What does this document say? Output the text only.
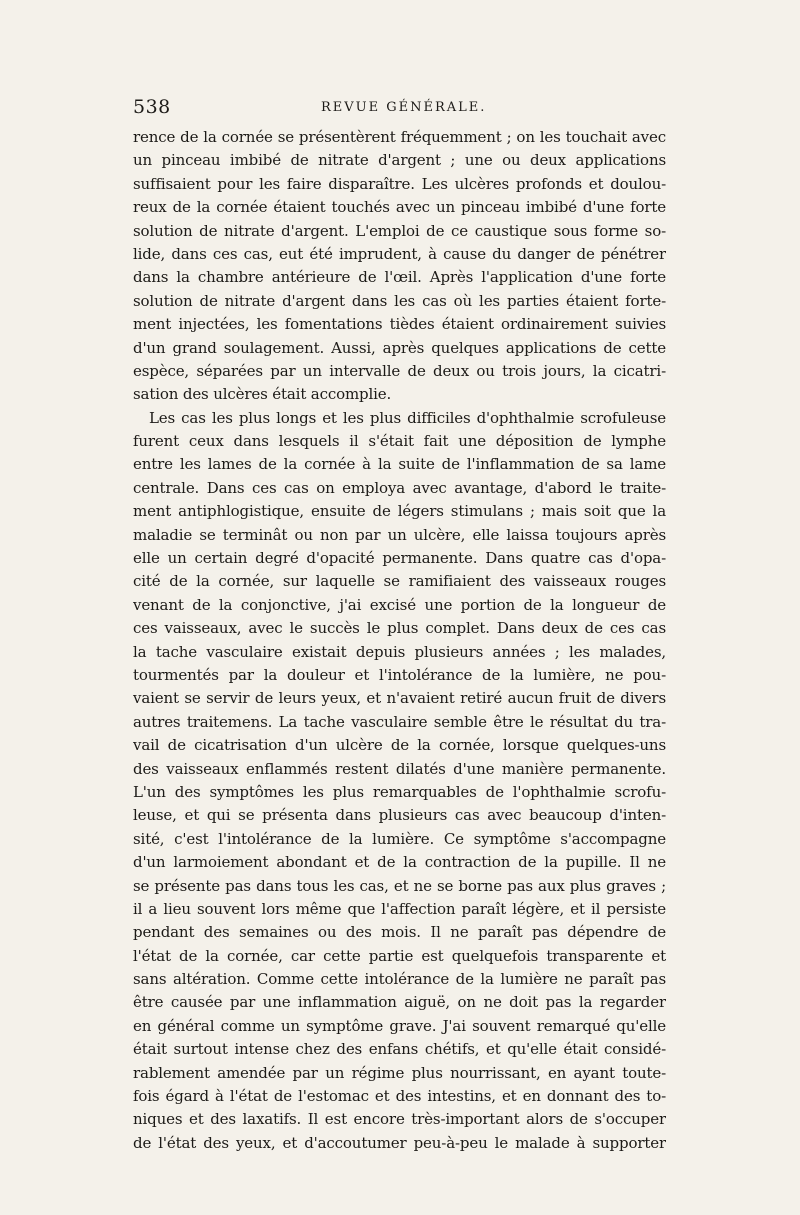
538	REVUE GÉNÉRALE.
rence de la cornée se présentèrent fréquemment ; on les touchait avec
un pinceau imbibé de nitrate d'argent ; une ou deux applications
suffisaient pour les faire disparaître. Les ulcères profonds et doulou-
reux de la cornée étaient touchés avec un pinceau imbibé d'une forte
solution de nitrate d'argent. L'emploi de ce caustique sous forme so-
lide, dans ces cas, eut été imprudent, à cause du danger de pénétrer
dans la chambre antérieure de l'œil. Après l'application d'une forte
solution de nitrate d'argent dans les cas où les parties étaient forte-
ment injectées, les fomentations tièdes étaient ordinairement suivies
d'un grand soulagement. Aussi, après quelques applications de cette
espèce, séparées par un intervalle de deux ou trois jours, la cicatri-
sation des ulcères était accomplie.
Les cas les plus longs et les plus difficiles d'ophthalmie scrofuleuse
furent ceux dans lesquels il s'était fait une déposition de lymphe
entre les lames de la cornée à la suite de l'inflammation de sa lame
centrale. Dans ces cas on employa avec avantage, d'abord le traite-
ment antiphlogistique, ensuite de légers stimulans ; mais soit que la
maladie se terminât ou non par un ulcère, elle laissa toujours après
elle un certain degré d'opacité permanente. Dans quatre cas d'opa-
cité de la cornée, sur laquelle se ramifiaient des vaisseaux rouges
venant de la conjonctive, j'ai excisé une portion de la longueur de
ces vaisseaux, avec le succès le plus complet. Dans deux de ces cas
la tache vasculaire existait depuis plusieurs années ; les malades,
tourmentés par la douleur et l'intolérance de la lumière, ne pou-
vaient se servir de leurs yeux, et n'avaient retiré aucun fruit de divers
autres traitemens. La tache vasculaire semble être le résultat du tra-
vail de cicatrisation d'un ulcère de la cornée, lorsque quelques-uns
des vaisseaux enflammés restent dilatés d'une manière permanente.
L'un des symptômes les plus remarquables de l'ophthalmie scrofu-
leuse, et qui se présenta dans plusieurs cas avec beaucoup d'inten-
sité, c'est l'intolérance de la lumière. Ce symptôme s'accompagne
d'un larmoiement abondant et de la contraction de la pupille. Il ne
se présente pas dans tous les cas, et ne se borne pas aux plus graves ;
il a lieu souvent lors même que l'affection paraît légère, et il persiste
pendant des semaines ou des mois. Il ne paraît pas dépendre de
l'état de la cornée, car cette partie est quelquefois transparente et
sans altération. Comme cette intolérance de la lumière ne paraît pas
être causée par une inflammation aiguë, on ne doit pas la regarder
en général comme un symptôme grave. J'ai souvent remarqué qu'elle
était surtout intense chez des enfans chétifs, et qu'elle était considé-
rablement amendée par un régime plus nourrissant, en ayant toute-
fois égard à l'état de l'estomac et des intestins, et en donnant des to-
niques et des laxatifs. Il est encore très-important alors de s'occuper
de l'état des yeux, et d'accoutumer peu-à-peu le malade à supporter
